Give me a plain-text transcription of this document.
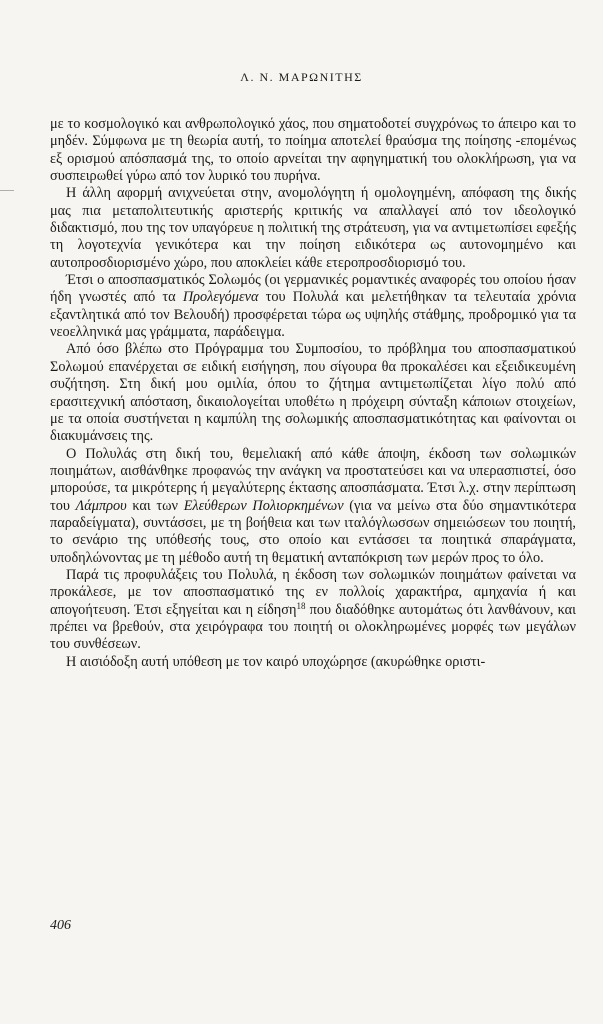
Λ. Ν. ΜΑΡΩΝΙΤΗΣ

με το κοσμολογικό και ανθρωπολογικό χάος, που σηματοδοτεί συγχρόνως το άπειρο και το μηδέν. Σύμφωνα με τη θεωρία αυτή, το ποίημα αποτελεί θραύσμα της ποίησης -επομένως εξ ορισμού απόσπασμά της, το οποίο αρνείται την αφηγηματική του ολοκλήρωση, για να συσπειρωθεί γύρω από τον λυρικό του πυρήνα.

Η άλλη αφορμή ανιχνεύεται στην, ανομολόγητη ή ομολογημένη, απόφαση της δικής μας πια μεταπολιτευτικής αριστερής κριτικής να απαλλαγεί από τον ιδεολογικό διδακτισμό, που της τον υπαγόρευε η πολιτική της στράτευση, για να αντιμετωπίσει εφεξής τη λογοτεχνία γενικότερα και την ποίηση ειδικότερα ως αυτονομημένο και αυτοπροσδιορισμένο χώρο, που αποκλείει κάθε ετεροπροσδιορισμό του.

Έτσι ο αποσπασματικός Σολωμός (οι γερμανικές ρομαντικές αναφορές του οποίου ήσαν ήδη γνωστές από τα Προλεγόμενα του Πολυλά και μελετήθηκαν τα τελευταία χρόνια εξαντλητικά από τον Βελουδή) προσφέρεται τώρα ως υψηλής στάθμης, προδρομικό για τα νεοελληνικά μας γράμματα, παράδειγμα.

Από όσο βλέπω στο Πρόγραμμα του Συμποσίου, το πρόβλημα του αποσπασματικού Σολωμού επανέρχεται σε ειδική εισήγηση, που σίγουρα θα προκαλέσει και εξειδικευμένη συζήτηση. Στη δική μου ομιλία, όπου το ζήτημα αντιμετωπίζεται λίγο πολύ από ερασιτεχνική απόσταση, δικαιολογείται υποθέτω η πρόχειρη σύνταξη κάποιων στοιχείων, με τα οποία συστήνεται η καμπύλη της σολωμικής αποσπασματικότητας και φαίνονται οι διακυμάνσεις της.

Ο Πολυλάς στη δική του, θεμελιακή από κάθε άποψη, έκδοση των σολωμικών ποιημάτων, αισθάνθηκε προφανώς την ανάγκη να προστατεύσει και να υπερασπιστεί, όσο μπορούσε, τα μικρότερης ή μεγαλύτερης έκτασης αποσπάσματα. Έτσι λ.χ. στην περίπτωση του Λάμπρου και των Ελεύθερων Πολιορκημένων (για να μείνω στα δύο σημαντικότερα παραδείγματα), συντάσσει, με τη βοήθεια και των ιταλόγλωσσων σημειώσεων του ποιητή, το σενάριο της υπόθεσής τους, στο οποίο και εντάσσει τα ποιητικά σπαράγματα, υποδηλώνοντας με τη μέθοδο αυτή τη θεματική ανταπόκριση των μερών προς το όλο.

Παρά τις προφυλάξεις του Πολυλά, η έκδοση των σολωμικών ποιημάτων φαίνεται να προκάλεσε, με τον αποσπασματικό της εν πολλοίς χαρακτήρα, αμηχανία ή και απογοήτευση. Έτσι εξηγείται και η είδηση$^{18}$ που διαδόθηκε αυτομάτως ότι λανθάνουν, και πρέπει να βρεθούν, στα χειρόγραφα του ποιητή οι ολοκληρωμένες μορφές των μεγάλων του συνθέσεων.

Η αισιόδοξη αυτή υπόθεση με τον καιρό υποχώρησε (ακυρώθηκε οριστι-

406
